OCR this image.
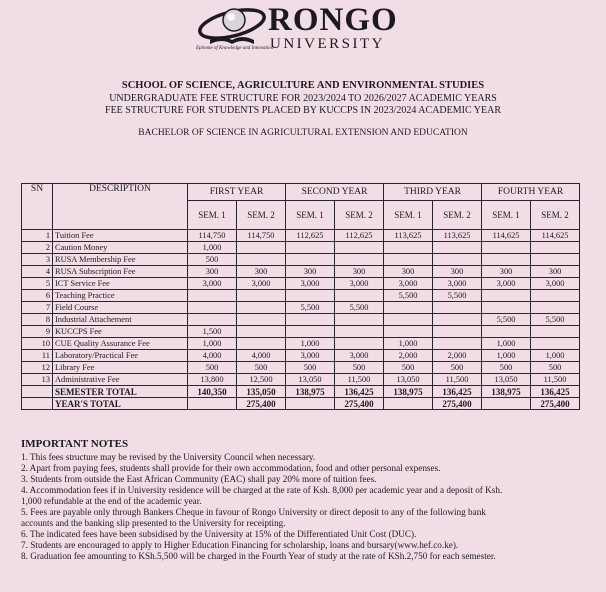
RONGO
UNIVERSITY
Epitome of Knowledge and Innovation
SCHOOL OF SCIENCE, AGRICULTURE AND ENVIRONMENTAL STUDIES
UNDERGRADUATE FEE STRUCTURE FOR 2023/2024 TO 2026/2027 ACADEMIC YEARS
FEE STRUCTURE FOR STUDENTS PLACED BY KUCCPS IN 2023/2024 ACADEMIC YEAR
BACHELOR OF SCIENCE IN AGRICULTURAL EXTENSION AND EDUCATION
SN	DESCRIPTION	FIRST YEAR		SECOND YEAR		THIRD YEAR		FOURTH YEAR	
		SEM. 1	SEM. 2	SEM. 1	SEM. 2	SEM. 1	SEM. 2	SEM. 1	SEM. 2
1	Tuition Fee	114,750	114,750	112,625	112,625	113,625	113,625	114,625	114,625
2	Caution Money	1,000							
3	RUSA Membership Fee	500							
4	RUSA Subscription Fee	300	300	300	300	300	300	300	300
5	ICT Service Fee	3,000	3,000	3,000	3,000	3,000	3,000	3,000	3,000
6	Teaching Practice					5,500	5,500		
7	Field Course			5,500	5,500				
8	Industrial Attachement							5,500	5,500
9	KUCCPS Fee	1,500							
10	CUE Quality Assurance Fee	1,000		1,000		1,000		1,000	
11	Laboratory/Practical Fee	4,000	4,000	3,000	3,000	2,000	2,000	1,000	1,000
12	Library Fee	500	500	500	500	500	500	500	500
13	Administrative Fee	13,800	12,500	13,050	11,500	13,050	11,500	13,050	11,500
	SEMESTER TOTAL	140,350	135,050	138,975	136,425	138,975	136,425	138,975	136,425
	YEAR'S TOTAL		275,400		275,400		275,400		275,400
IMPORTANT NOTES
1. This fees structure may be revised by the University Council when necessary.
2. Apart from paying fees, students shall provide for their own accommodation, food and other personal expenses.
3. Students from outside the East African Community (EAC) shall pay 20% more of tuition fees.
4. Accommodation fees if in University residence will be charged at the rate of Ksh. 8,000 per academic year and a deposit of Ksh.
1,000 refundable at the end of the academic year.
5. Fees are payable only through Bankers Cheque in favour of Rongo University or direct deposit to any of the following bank
accounts and the banking slip presented to the University for receipting.
6. The indicated fees have been subsidised by the University at 15% of the Differentiated Unit Cost (DUC).
7. Students are encouraged to apply to Higher Education Financing for scholarship, loans and bursary(www.hef.co.ke).
8. Graduation fee amounting to KSh.5,500 will be charged in the Fourth Year of study at the rate of KSh.2,750 for each semester.
